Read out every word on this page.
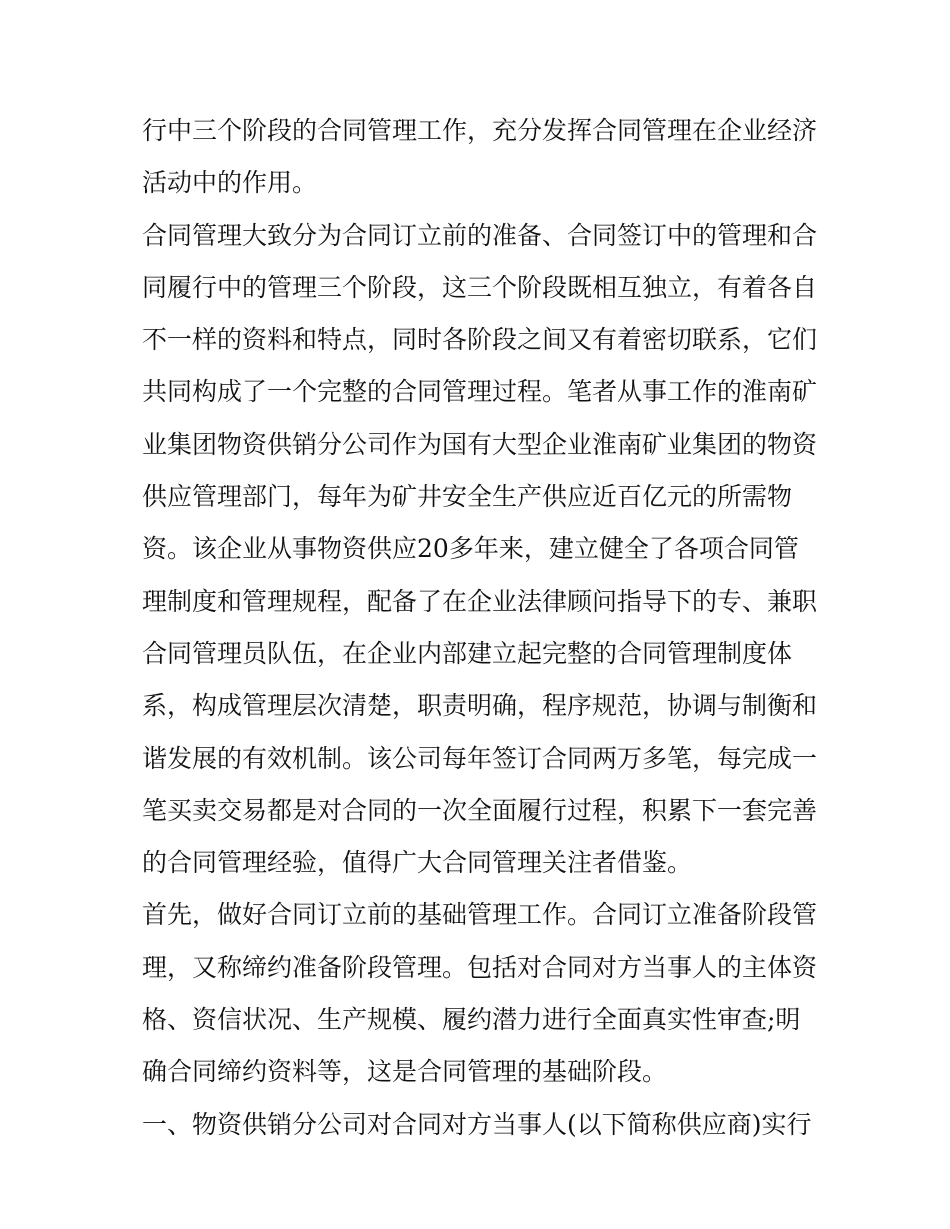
行中三个阶段的合同管理工作，充分发挥合同管理在企业经济
活动中的作用。
合同管理大致分为合同订立前的准备、合同签订中的管理和合
同履行中的管理三个阶段，这三个阶段既相互独立，有着各自
不一样的资料和特点，同时各阶段之间又有着密切联系，它们
共同构成了一个完整的合同管理过程。笔者从事工作的淮南矿
业集团物资供销分公司作为国有大型企业淮南矿业集团的物资
供应管理部门，每年为矿井安全生产供应近百亿元的所需物
资。该企业从事物资供应20多年来，建立健全了各项合同管
理制度和管理规程，配备了在企业法律顾问指导下的专、兼职
合同管理员队伍，在企业内部建立起完整的合同管理制度体
系，构成管理层次清楚，职责明确，程序规范，协调与制衡和
谐发展的有效机制。该公司每年签订合同两万多笔，每完成一
笔买卖交易都是对合同的一次全面履行过程，积累下一套完善
的合同管理经验，值得广大合同管理关注者借鉴。
首先，做好合同订立前的基础管理工作。合同订立准备阶段管
理，又称缔约准备阶段管理。包括对合同对方当事人的主体资
格、资信状况、生产规模、履约潜力进行全面真实性审查;明
确合同缔约资料等，这是合同管理的基础阶段。
一、物资供销分公司对合同对方当事人(以下简称供应商)实行
